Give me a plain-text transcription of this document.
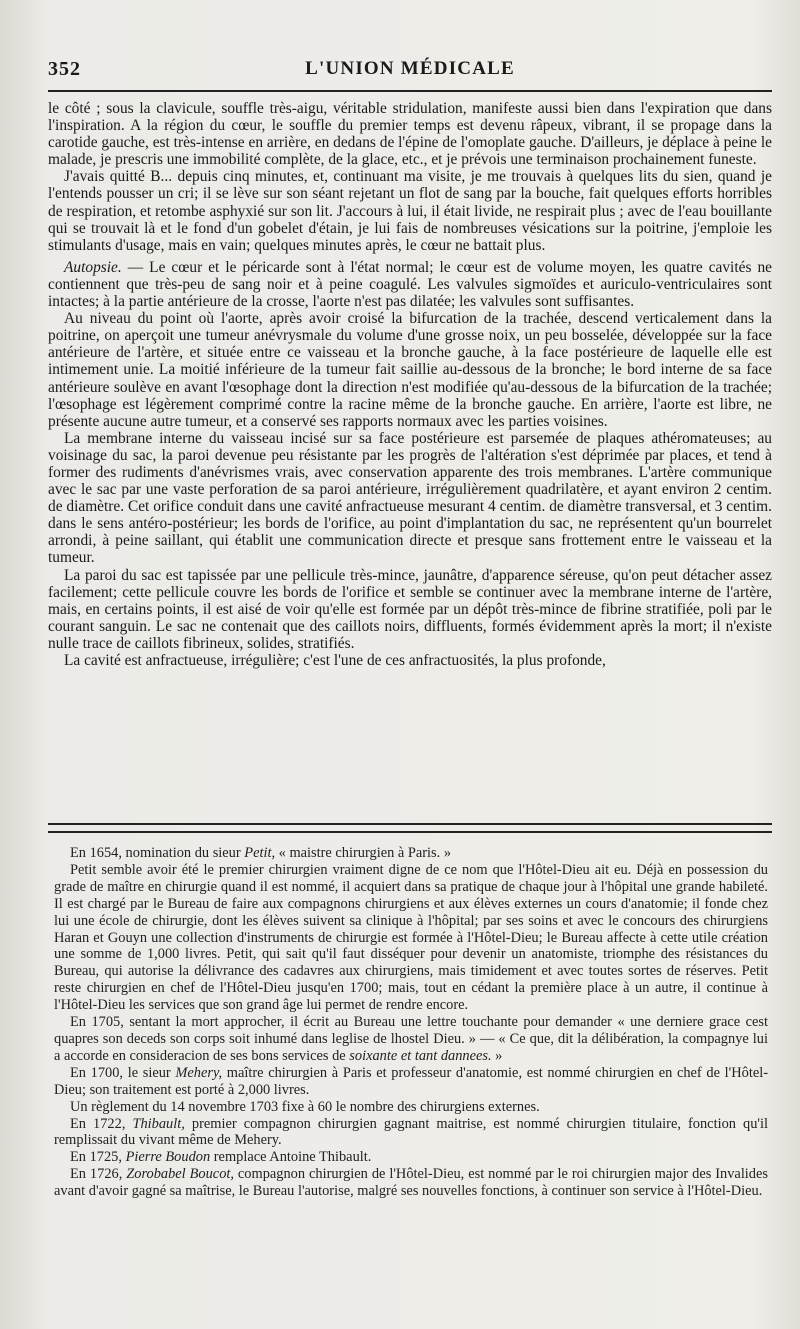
352	L'UNION MÉDICALE

le côté ; sous la clavicule, souffle très-aigu, véritable stridulation, manifeste aussi bien dans l'expiration que dans l'inspiration. A la région du cœur, le souffle du premier temps est devenu râpeux, vibrant, il se propage dans la carotide gauche, est très-intense en arrière, en dedans de l'épine de l'omoplate gauche. D'ailleurs, je déplace à peine le malade, je prescris une immobilité complète, de la glace, etc., et je prévois une terminaison prochainement funeste.

J'avais quitté B... depuis cinq minutes, et, continuant ma visite, je me trouvais à quelques lits du sien, quand je l'entends pousser un cri; il se lève sur son séant rejetant un flot de sang par la bouche, fait quelques efforts horribles de respiration, et retombe asphyxié sur son lit. J'accours à lui, il était livide, ne respirait plus ; avec de l'eau bouillante qui se trouvait là et le fond d'un gobelet d'étain, je lui fais de nombreuses vésications sur la poitrine, j'emploie les stimulants d'usage, mais en vain; quelques minutes après, le cœur ne battait plus.

Autopsie. — Le cœur et le péricarde sont à l'état normal; le cœur est de volume moyen, les quatre cavités ne contiennent que très-peu de sang noir et à peine coagulé. Les valvules sigmoïdes et auriculo-ventriculaires sont intactes; à la partie antérieure de la crosse, l'aorte n'est pas dilatée; les valvules sont suffisantes.

Au niveau du point où l'aorte, après avoir croisé la bifurcation de la trachée, descend verticalement dans la poitrine, on aperçoit une tumeur anévrysmale du volume d'une grosse noix, un peu bosselée, développée sur la face antérieure de l'artère, et située entre ce vaisseau et la bronche gauche, à la face postérieure de laquelle elle est intimement unie. La moitié inférieure de la tumeur fait saillie au-dessous de la bronche; le bord interne de sa face antérieure soulève en avant l'œsophage dont la direction n'est modifiée qu'au-dessous de la bifurcation de la trachée; l'œsophage est légèrement comprimé contre la racine même de la bronche gauche. En arrière, l'aorte est libre, ne présente aucune autre tumeur, et a conservé ses rapports normaux avec les parties voisines.

La membrane interne du vaisseau incisé sur sa face postérieure est parsemée de plaques athéromateuses; au voisinage du sac, la paroi devenue peu résistante par les progrès de l'altération s'est déprimée par places, et tend à former des rudiments d'anévrismes vrais, avec conservation apparente des trois membranes. L'artère communique avec le sac par une vaste perforation de sa paroi antérieure, irrégulièrement quadrilatère, et ayant environ 2 centim. de diamètre. Cet orifice conduit dans une cavité anfractueuse mesurant 4 centim. de diamètre transversal, et 3 centim. dans le sens antéro-postérieur; les bords de l'orifice, au point d'implantation du sac, ne représentent qu'un bourrelet arrondi, à peine saillant, qui établit une communication directe et presque sans frottement entre le vaisseau et la tumeur.

La paroi du sac est tapissée par une pellicule très-mince, jaunâtre, d'apparence séreuse, qu'on peut détacher assez facilement; cette pellicule couvre les bords de l'orifice et semble se continuer avec la membrane interne de l'artère, mais, en certains points, il est aisé de voir qu'elle est formée par un dépôt très-mince de fibrine stratifiée, poli par le courant sanguin. Le sac ne contenait que des caillots noirs, diffluents, formés évidemment après la mort; il n'existe nulle trace de caillots fibrineux, solides, stratifiés.

La cavité est anfractueuse, irrégulière; c'est l'une de ces anfractuosités, la plus profonde,

En 1654, nomination du sieur Petit, « maistre chirurgien à Paris. »

Petit semble avoir été le premier chirurgien vraiment digne de ce nom que l'Hôtel-Dieu ait eu. Déjà en possession du grade de maître en chirurgie quand il est nommé, il acquiert dans sa pratique de chaque jour à l'hôpital une grande habileté. Il est chargé par le Bureau de faire aux compagnons chirurgiens et aux élèves externes un cours d'anatomie; il fonde chez lui une école de chirurgie, dont les élèves suivent sa clinique à l'hôpital; par ses soins et avec le concours des chirurgiens Haran et Gouyn une collection d'instruments de chirurgie est formée à l'Hôtel-Dieu; le Bureau affecte à cette utile création une somme de 1,000 livres. Petit, qui sait qu'il faut disséquer pour devenir un anatomiste, triomphe des résistances du Bureau, qui autorise la délivrance des cadavres aux chirurgiens, mais timidement et avec toutes sortes de réserves. Petit reste chirurgien en chef de l'Hôtel-Dieu jusqu'en 1700; mais, tout en cédant la première place à un autre, il continue à l'Hôtel-Dieu les services que son grand âge lui permet de rendre encore.

En 1705, sentant la mort approcher, il écrit au Bureau une lettre touchante pour demander « une derniere grace cest quapres son deceds son corps soit inhumé dans leglise de lhostel Dieu. » — « Ce que, dit la délibération, la compagnye lui a accorde en consideracion de ses bons services de soixante et tant dannees. »

En 1700, le sieur Mehery, maître chirurgien à Paris et professeur d'anatomie, est nommé chirurgien en chef de l'Hôtel-Dieu; son traitement est porté à 2,000 livres.

Un règlement du 14 novembre 1703 fixe à 60 le nombre des chirurgiens externes.

En 1722, Thibault, premier compagnon chirurgien gagnant maitrise, est nommé chirurgien titulaire, fonction qu'il remplissait du vivant même de Mehery.

En 1725, Pierre Boudon remplace Antoine Thibault.

En 1726, Zorobabel Boucot, compagnon chirurgien de l'Hôtel-Dieu, est nommé par le roi chirurgien major des Invalides avant d'avoir gagné sa maîtrise, le Bureau l'autorise, malgré ses nouvelles fonctions, à continuer son service à l'Hôtel-Dieu.
